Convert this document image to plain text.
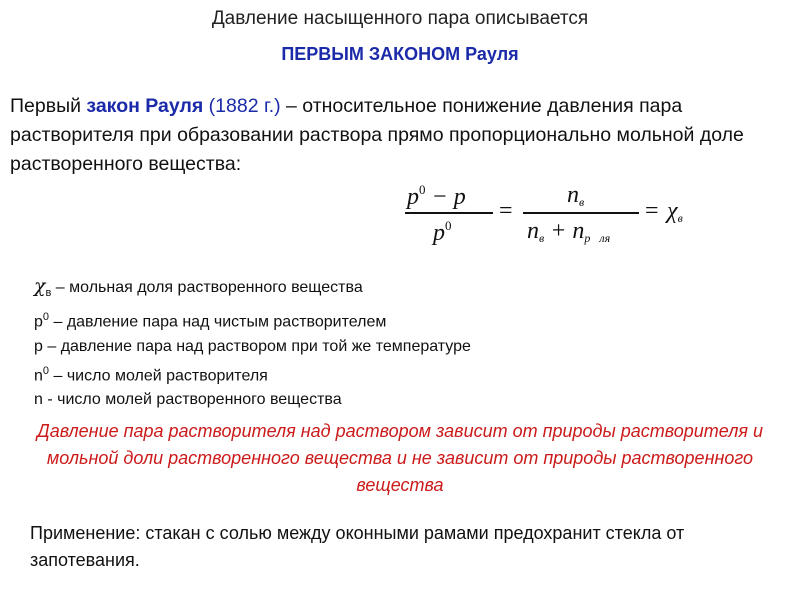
Давление насыщенного пара описывается
ПЕРВЫМ ЗАКОНОМ Рауля
Первый закон Рауля (1882 г.) – относительное понижение давления пара растворителя при образовании раствора прямо пропорционально мольной доле растворенного вещества:
$p^0 - p$
$p^0$
=
$n_в$
$n_в + n_{р ля}$
= $\chi_в$
$\chi_в$ – мольная доля растворенного вещества
$р^0$ – давление пара над чистым растворителем
р – давление пара над раствором при той же температуре
$n^0$ – число молей растворителя
n - число молей растворенного вещества
Давление пара растворителя над раствором зависит от природы растворителя и мольной доли растворенного вещества и не зависит от природы растворенного вещества
Применение: стакан с солью между оконными рамами предохранит стекла от запотевания.
